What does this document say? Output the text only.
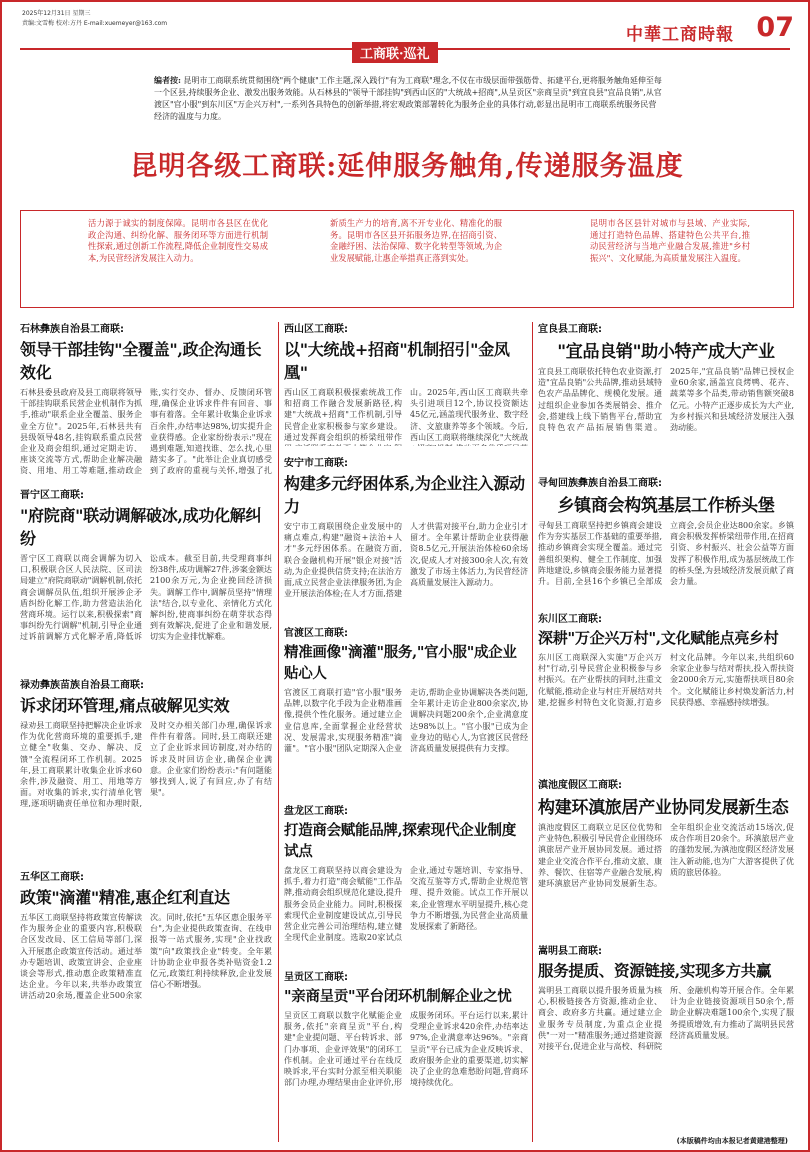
2025年12月31日 星期三
责编:文雪梅 校对:方丹 E-mail:xuemeyer@163.com
中華工商時報 07
工商联·巡礼
编者按: 昆明市工商联系统贯彻围绕"两个健康"工作主题,深入践行"有为工商联"理念,不仅在市级层面带强筋骨、拓建平台,更将服务触角延伸至每一个区县,持续服务企业、激发出服务效能。从石林县的"领导干部挂钩"到西山区的"大统战+招商",从呈贡区"亲商呈贡"到宜良县"宜品良销",从官渡区"官小服"到东川区"万企兴万村",一系列各具特色的创新举措,将宏观政策部署转化为服务企业的具体行动,彰显出昆明市工商联系统服务民营经济的温度与力度。
昆明各级工商联:延伸服务触角,传递服务温度
活力源于诚实的制度保障。昆明市各县区在优化政企沟通、纠纷化解、服务闭环等方面进行机制性探索,通过创新工作流程,降低企业制度性交易成本,为民营经济发展注入动力。
新质生产力的培育,离不开专业化、精准化的服务。昆明市各区县开拓服务边界,在招商引资、金融纾困、法治保障、数字化转型等领域,为企业发展赋能,让惠企举措真正落到实处。
昆明市各区县针对城市与县域、产业实际,通过打造特色品牌、搭建特色公共平台,推动民营经济与当地产业融合发展,推进"乡村振兴"、文化赋能,为高质量发展注入温度。
石林彝族自治县工商联:
领导干部挂钩"全覆盖",政企沟通长效化
石林县委县政府及县工商联将领导干部挂钩联系民营企业机制作为抓手,推动"联系企业全覆盖、服务企业全方位"。2025年,石林县共有县级领导48名,挂钩联系重点民营企业及商会组织,通过定期走访、座谈交流等方式,帮助企业解决融资、用地、用工等难题,推动政企 账,实行交办、督办、反馈闭环管理,确保企业诉求件件有回音、事事有着落。全年累计收集企业诉求百余件,办结率达98%,切实提升企业获得感。企业家纷纷表示:"现在遇到难题,知道找谁、怎么找,心里踏实多了。"此举让企业真切感受到了政府的重视与关怀,增强了扎
晋宁区工商联:
"府院商"联动调解破冰,成功化解纠纷
晋宁区工商联以商会调解为切入口,积极联合区人民法院、区司法局建立"府院商联动"调解机制,依托商会调解员队伍,组织开展涉企矛盾纠纷化解工作,助力营造法治化营商环境。运行以来,积极探索"商事纠纷先行调解"机制,引导企业通过诉前调解方式化解矛盾,降低诉讼成本。截至目前,共受理商事纠纷38件,成功调解27件,涉案金额达2100余万元,为企业挽回经济损失。调解工作中,调解员坚持"情理法"结合,以专业化、亲情化方式化解纠纷,使商事纠纷在萌芽状态得到有效解决,促进了企业和谐发展,切实为企业排忧解难。
禄劝彝族苗族自治县工商联:
诉求闭环管理,痛点破解见实效
禄劝县工商联坚持把解决企业诉求作为优化营商环境的重要抓手,建立健全"收集、交办、解决、反馈"全流程闭环工作机制。2025年,县工商联累计收集企业诉求60余件,涉及融资、用工、用地等方面。对收集的诉求,实行清单化管理,逐项明确责任单位和办理时限,及时交办相关部门办理,确保诉求件件有着落。同时,县工商联还建立了企业诉求回访制度,对办结的诉求及时回访企业,确保企业满意。企业家们纷纷表示:"有问题能够找到人,说了有回应,办了有结果"。
五华区工商联:
政策"滴灌"精准,惠企红利直达
五华区工商联坚持将政策宣传解读作为服务企业的重要内容,积极联合区发改局、区工信局等部门,深入开展惠企政策宣传活动。通过举办专题培训、政策宣讲会、企业座谈会等形式,推动惠企政策精准直达企业。今年以来,共举办政策宣讲活动20余场,覆盖企业500余家次。同时,依托"五华区惠企服务平台",为企业提供政策查询、在线申报等一站式服务,实现"企业找政策"向"政策找企业"转变。全年累计协助企业申报各类补贴资金1.2亿元,政策红利持续释放,企业发展信心不断增强。
西山区工商联:
以"大统战+招商"机制招引"金凤凰"
西山区工商联积极探索统战工作和招商工作融合发展新路径,构建"大统战+招商"工作机制,引导民营企业家积极参与家乡建设。通过发挥商会组织的桥梁纽带作 山。2025年,西山区工商联共牵头引进项目12个,协议投资额达45亿元,涵盖现代服务业、数字经济、文旅康养等多个领域。今后,西山区工商联将继续深化"大统战
安宁市工商联:
构建多元纾困体系,为企业注入源动力
安宁市工商联围绕企业发展中的痛点难点,构建"融资+法治+人才"多元纾困体系。在融资方面,联合金融机构开展"银企对接"活动,为企业提供信贷支持;在法治方面,成立民营企业法律服务团,为企业开展法治体检;在人才方面,搭建人才供需对接平台,助力企业引才留才。全年累计帮助企业获得融资8.5亿元,开展法治体检60余场次,促成人才对接300余人次,有效激发了市场主体活力,为民营经济高质量发展注入源动力。
官渡区工商联:
精准画像"滴灌"服务,"官小服"成企业贴心人
官渡区工商联打造"官小服"服务品牌,以数字化手段为企业精准画像,提供个性化服务。通过建立企业信息库,全面掌握企业经营状况、发展需求,实现服务精准"滴灌"。"官小服"团队定期深入企业走访,帮助企业协调解决各类问题,全年累计走访企业800余家次,协调解决问题200余个,企业满意度达98%以上。"官小服"已成为企业身边的贴心人,为官渡区民营经济高质量发展提供有力支撑。
盘龙区工商联:
打造商会赋能品牌,探索现代企业制度试点
盘龙区工商联坚持以商会建设为抓手,着力打造"商会赋能"工作品牌,推动商会组织规范化建设,提升服务会员企业能力。同时,积极探索现代企业制度建设试点,引导民营企业完善公司治理结构,建立健全现代企业制度。选取20家试点企业,通过专题培训、专家指导、交流互鉴等方式,帮助企业规范管理、提升效能。试点工作开展以来,企业管理水平明显提升,核心竞争力不断增强,为民营企业高质量发展探索了新路径。
呈贡区工商联:
"亲商呈贡"平台闭环机制解企业之忧
呈贡区工商联以数字化赋能企业服务,依托"亲商呈贡"平台,构建"企业提问题、平台转诉求、部门办事项、企业评效果"的闭环工作机制。企业可通过平台在线反映诉求,平台实时分派至相关职能部门办理,办理结果由企业评价,形成服务闭环。平台运行以来,累计受理企业诉求420余件,办结率达97%,企业满意率达96%。"亲商呈贡"平台已成为企业反映诉求、政府服务企业的重要渠道,切实解决了企业的急难愁盼问题,营商环境持续优化。
宜良县工商联:
"宜品良销"助小特产成大产业
宜良县工商联依托特色农业资源,打造"宜品良销"公共品牌,推动县域特色农产品品牌化、规模化发展。通过组织企业参加各类展销会、推介会,搭建线上线下销售平台,帮助宜良特色农产品拓展销售渠道。2025年,"宜品良销"品牌已授权企业60余家,涵盖宜良烤鸭、花卉、蔬菜等多个品类,带动销售额突破8亿元。小特产正逐步成长为大产业,为乡村振兴和县域经济发展注入强劲动能。
寻甸回族彝族自治县工商联:
乡镇商会构筑基层工作桥头堡
寻甸县工商联坚持把乡镇商会建设作为夯实基层工作基础的重要举措,推动乡镇商会实现全覆盖。通过完善组织架构、健全工作制度、加强阵地建设,乡镇商会服务能力显著提升。目前,全县16个乡镇已全部成立商会,会员企业达800余家。乡镇商会积极发挥桥梁纽带作用,在招商引资、乡村振兴、社会公益等方面发挥了积极作用,成为基层统战工作的桥头堡,为县域经济发展贡献了商会力量。
东川区工商联:
深耕"万企兴万村",文化赋能点亮乡村
东川区工商联深入实施"万企兴万村"行动,引导民营企业积极参与乡村振兴。在产业帮扶的同时,注重文化赋能,推动企业与村庄开展结对共建,挖掘乡村特色文化资源,打造乡村文化品牌。今年以来,共组织60余家企业参与结对帮扶,投入帮扶资金2000余万元,实施帮扶项目80余个。文化赋能让乡村焕发新活力,村民获得感、幸福感持续增强。
滇池度假区工商联:
构建环滇旅居产业协同发展新生态
滇池度假区工商联立足区位优势和产业特色,积极引导民营企业围绕环滇旅居产业开展协同发展。通过搭建企业交流合作平台,推动文旅、康养、餐饮、住宿等产业融合发展,构建环滇旅居产业协同发展新生态。全年组织企业交流活动15场次,促成合作项目20余个。环滇旅居产业的蓬勃发展,为滇池度假区经济发展注入新动能,也为广大游客提供了优质的旅居体验。
嵩明县工商联:
服务提质、资源链接,实现多方共赢
嵩明县工商联以提升服务质量为核心,积极链接各方资源,推动企业、商会、政府多方共赢。通过建立企业服务专员制度,为重点企业提供"一对一"精准服务;通过搭建资源对接平台,促进企业与高校、科研院所、金融机构等开展合作。全年累计为企业链接资源项目50余个,帮助企业解决难题100余个,实现了服务提质增效,有力推动了嵩明县民营经济高质量发展。
(本版稿件均由本报记者黄建港整理)
